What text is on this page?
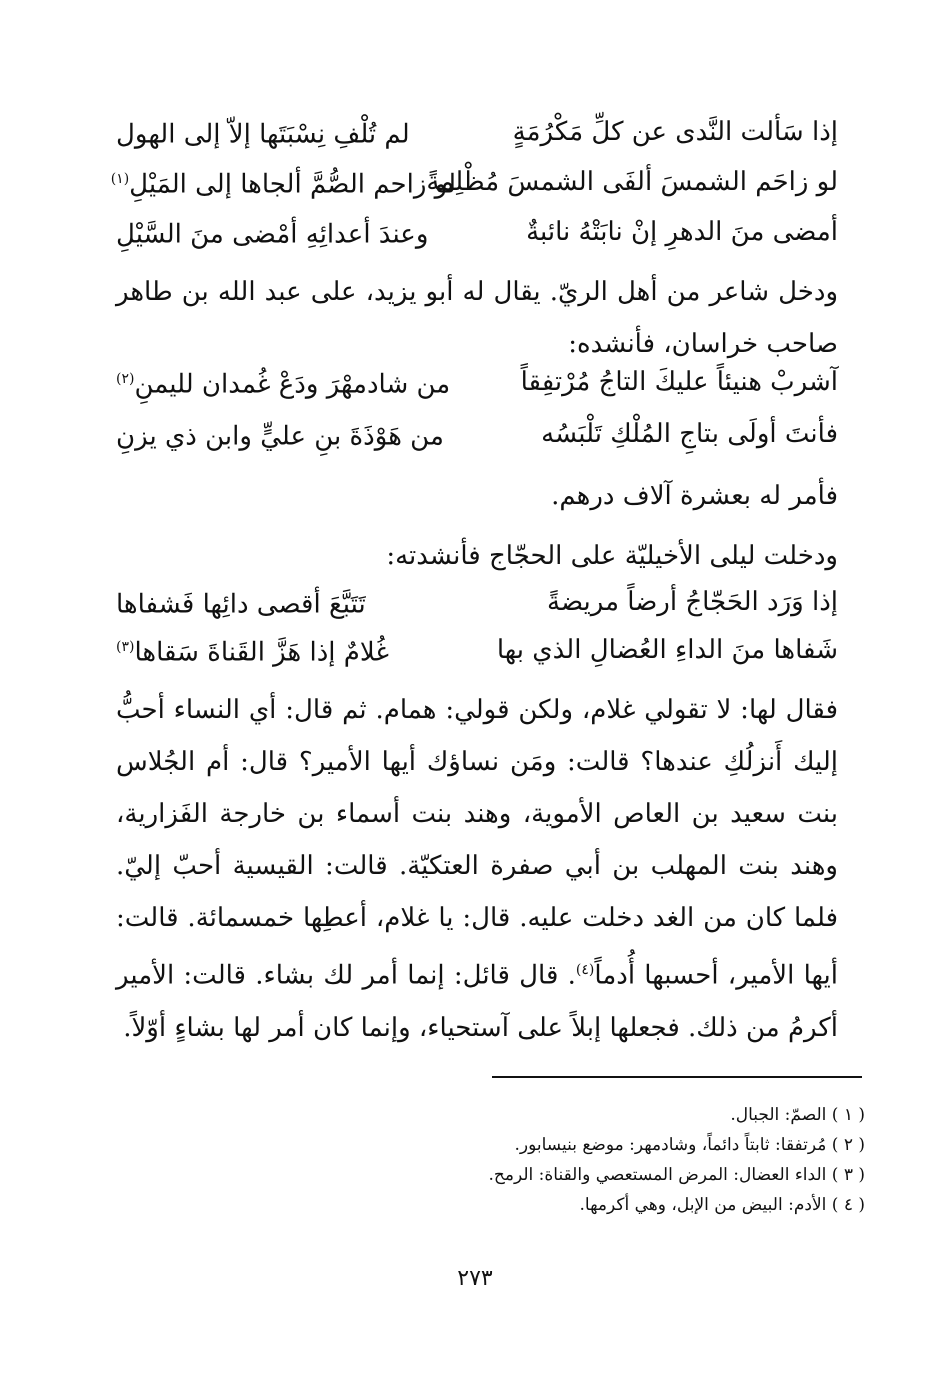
إذا سَألت النَّدى عن كلِّ مَكْرُمَةٍ
لم تُلْفِ نِسْبَتَها إلاّ إلى الهول
لو زاحَم الشمسَ ألفَى الشمسَ مُظْلِمةً
لو زاحم الصُّمَّ ألجاها إلى المَيْلِ$^{(١)}$
أمضى منَ الدهرِ إنْ نابَتْهُ نائبةٌ
وعندَ أعدائِهِ أمْضى منَ السَّيْلِ

ودخل شاعر من أهل الريّ. يقال له أبو يزيد، على عبد الله بن طاهر صاحب خراسان، فأنشده:

آشربْ هنيئاً عليكَ التاجُ مُرْتفِقاً
من شادمهْرَ ودَعْ غُمدان لليمنِ$^{(٢)}$
فأنتَ أولَى بتاجِ المُلْكِ تَلْبَسُه
من هَوْذَةَ بنِ عليٍّ وابن ذي يزنِ

فأمر له بعشرة آلاف درهم.

ودخلت ليلى الأخيليّة على الحجّاج فأنشدته:

إذا وَرَد الحَجّاجُ أرضاً مريضةً
تَتَبَّعَ أقصى دائِها فَشفاها
شَفاها منَ الداءِ العُضالِ الذي بها
غُلامٌ إذا هَزَّ القَناةَ سَقاها$^{(٣)}$

فقال لها: لا تقولي غلام، ولكن قولي: همام. ثم قال: أي النساء أحبُّ إليك أَنزلُكِ عندها؟ قالت: ومَن نساؤك أيها الأمير؟ قال: أم الجُلاس بنت سعيد بن العاص الأموية، وهند بنت أسماء بن خارجة الفَزارية، وهند بنت المهلب بن أبي صفرة العتكيّة. قالت: القيسية أحبّ إليّ. فلما كان من الغد دخلت عليه. قال: يا غلام، أعطِها خمسمائة. قالت: أيها الأمير، أحسبها أُدماً$^{(٤)}$. قال قائل: إنما أمر لك بشاء. قالت: الأمير أكرمُ من ذلك. فجعلها إبلاً على آستحياء، وإنما كان أمر لها بشاءٍ أوّلاً.

( ١ ) الصمّ: الجبال.
( ٢ ) مُرتفقا: ثابتاً دائماً، وشادمهر: موضع بنيسابور.
( ٣ ) الداء العضال: المرض المستعصي والقناة: الرمح.
( ٤ ) الأدم: البيض من الإبل، وهي أكرمها.
٢٧٣
